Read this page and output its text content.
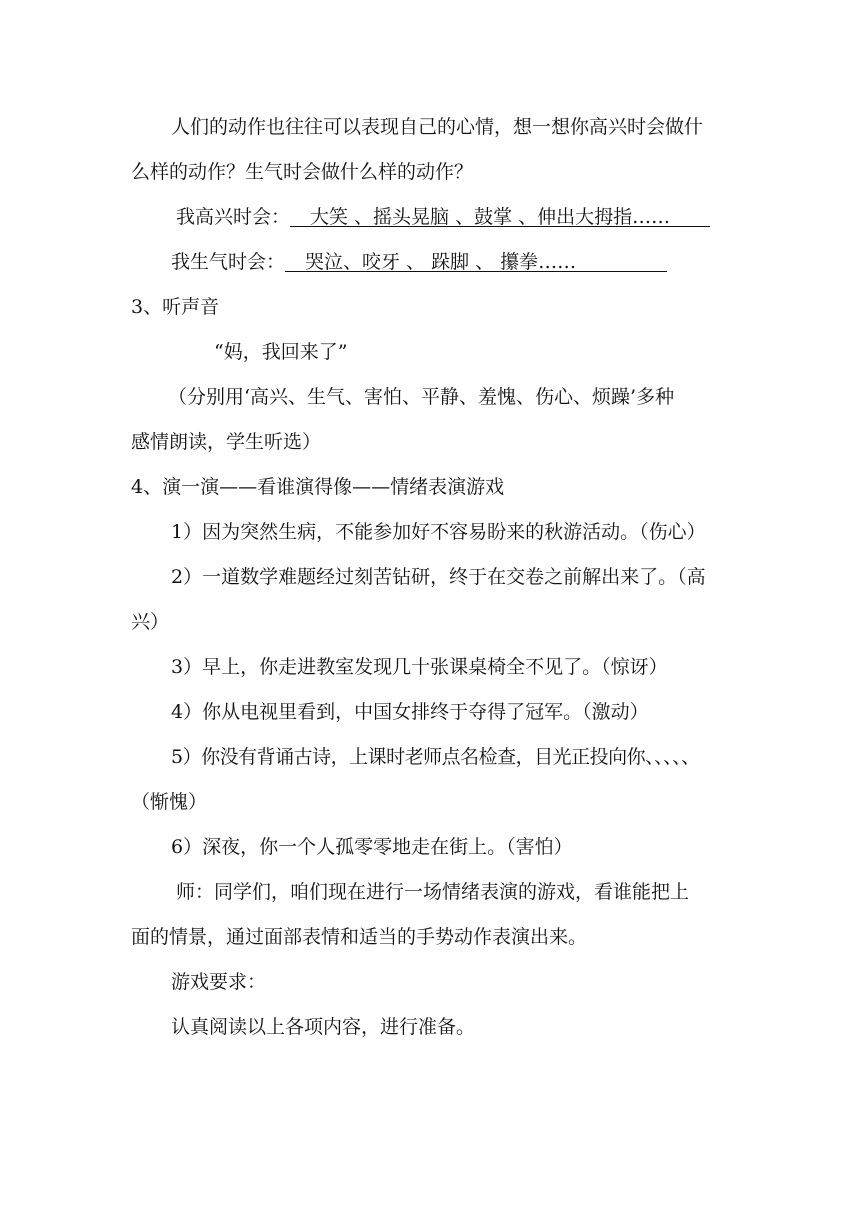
人们的动作也往往可以表现自己的心情，想一想你高兴时会做什
么样的动作？生气时会做什么样的动作？
我高兴时会： 大笑 、摇头晃脑 、鼓掌 、伸出大拇指……
我生气时会： 哭泣、咬牙 、 跺脚 、 攥拳……
3、听声音
“妈，我回来了”
（分别用‘高兴、生气、害怕、平静、羞愧、伤心、烦躁’多种
感情朗读，学生听选）
4、演一演——看谁演得像——情绪表演游戏
1）因为突然生病，不能参加好不容易盼来的秋游活动。（伤心）
2）一道数学难题经过刻苦钻研，终于在交卷之前解出来了。（高
兴）
3）早上，你走进教室发现几十张课桌椅全不见了。（惊讶）
4）你从电视里看到，中国女排终于夺得了冠军。（激动）
5）你没有背诵古诗，上课时老师点名检查，目光正投向你、、、、、
（惭愧）
6）深夜，你一个人孤零零地走在街上。（害怕）
师：同学们，咱们现在进行一场情绪表演的游戏，看谁能把上
面的情景，通过面部表情和适当的手势动作表演出来。
游戏要求：
认真阅读以上各项内容，进行准备。
